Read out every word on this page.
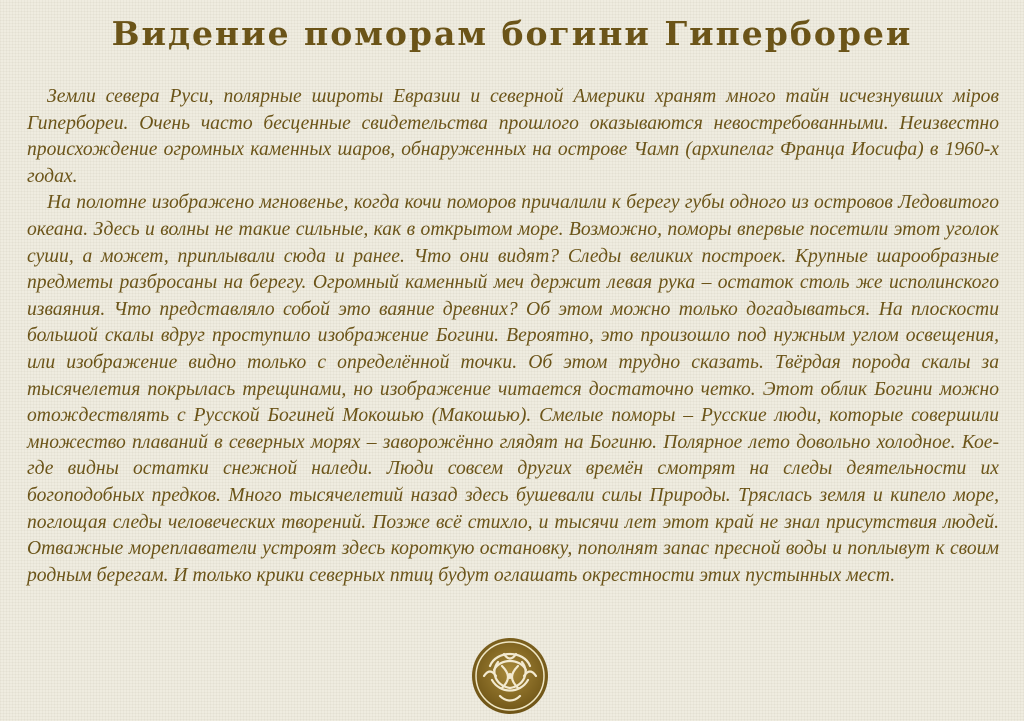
Видение поморам богини Гипербореи

Земли севера Руси, полярные широты Евразии и северной Америки хранят много тайн исчезнувших міров Гипербореи. Очень часто бесценные свидетельства прошлого оказываются невостребованными. Неизвестно происхождение огромных каменных шаров, обнаруженных на острове Чамп (архипелаг Франца Иосифа) в 1960-х годах.

На полотне изображено мгновенье, когда кочи поморов причалили к берегу губы одного из островов Ледовитого океана. Здесь и волны не такие сильные, как в открытом море. Возможно, поморы впервые посетили этот уголок суши, а может, приплывали сюда и ранее. Что они видят? Следы великих построек. Крупные шарообразные предметы разбросаны на берегу. Огромный каменный меч держит левая рука – остаток столь же исполинского изваяния. Что представляло собой это ваяние древних? Об этом можно только догадываться. На плоскости большой скалы вдруг проступило изображение Богини. Вероятно, это произошло под нужным углом освещения, или изображение видно только с определённой точки. Об этом трудно сказать. Твёрдая порода скалы за тысячелетия покрылась трещинами, но изображение читается достаточно четко. Этот облик Богини можно отождествлять с Русской Богиней Мокошью (Макошью). Смелые поморы – Русские люди, которые совершили множество плаваний в северных морях – заворожённо глядят на Богиню. Полярное лето довольно холодное. Кое-где видны остатки снежной наледи. Люди совсем других времён смотрят на следы деятельности их богоподобных предков. Много тысячелетий назад здесь бушевали силы Природы. Тряслась земля и кипело море, поглощая следы человеческих творений. Позже всё стихло, и тысячи лет этот край не знал присутствия людей. Отважные мореплаватели устроят здесь короткую остановку, пополнят запас пресной воды и поплывут к своим родным берегам. И только крики северных птиц будут оглашать окрестности этих пустынных мест.
